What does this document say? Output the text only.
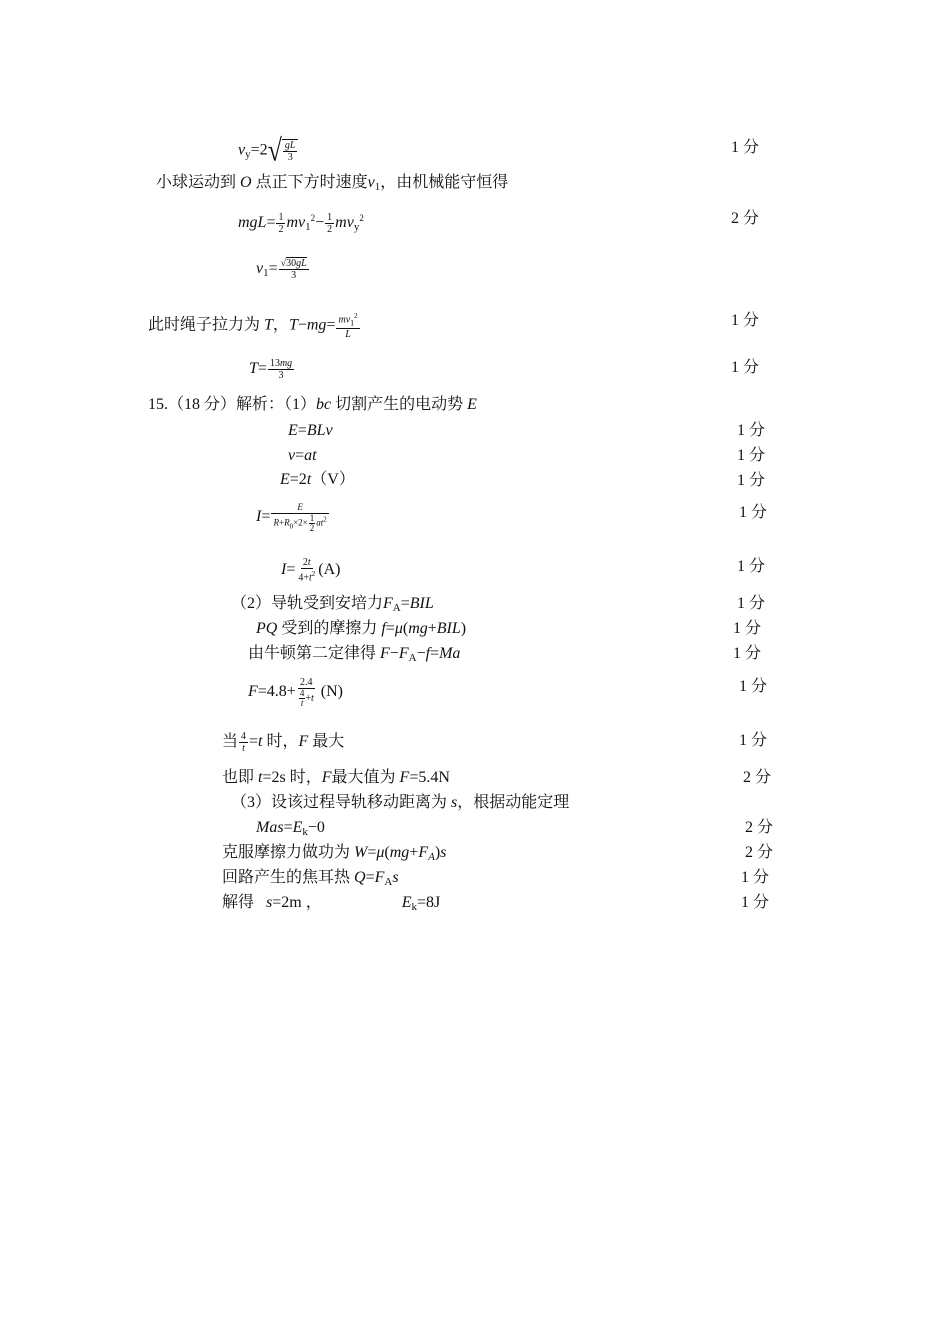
$v_y=2$ √ $\frac{gL}{3}$	1 分
小球运动到 O 点正下方时速度$v_1$，由机械能守恒得
$mgL= \frac{1}{2} mv_1^2- \frac{1}{2} mv_y^2$	2 分
$v_1= \frac{√30gL}{3}$
此时绳子拉力为 T，$T-mg= \frac{mv_1^2}{L}$	1 分
$T= \frac{13mg}{3}$	1 分
15.（18 分）解析：（1）bc 切割产生的电动势 E
E=BLv	1 分
v=at	1 分
E=2t（V）	1 分
$I= \frac{E}{R+R_0\times 2\times \frac{1}{2} at^2}$	1 分
$I= \frac{2t}{4+t^2} (A)$	1 分
（2）导轨受到安培力$F_A=BIL$	1 分
PQ 受到的摩擦力 f=μ(mg+BIL)	1 分
由牛顿第二定律得 $F-F_A-f=Ma$	1 分
$F=4.8+ \frac{2.4}{\frac{4}{t} +t} (N)$	1 分
当 $\frac{4}{t} =t$ 时，F 最大	1 分
也即 t=2s 时，F最大值为 F=5.4N	2 分
（3）设该过程导轨移动距离为 s，根据动能定理
$Mas=E_k-0$	2 分
克服摩擦力做功为 $W=\mu(mg+F_A)s$	2 分
回路产生的焦耳热 $Q=F_As$	1 分
解得 s=2m ，	$E_k=8J$	1 分
